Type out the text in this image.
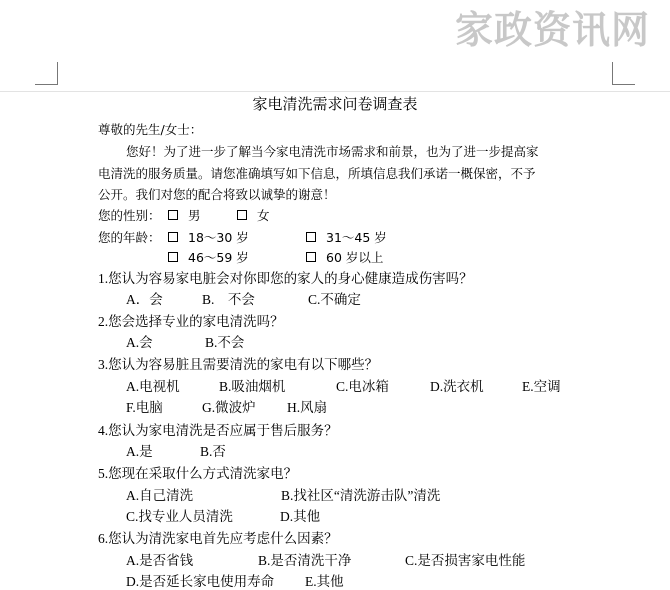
家电清洗需求问卷调查表
尊敬的先生/女士：
您好！为了进一步了解当今家电清洗市场需求和前景，也为了进一步提高家
电清洗的服务质量。请您准确填写如下信息，所填信息我们承诺一概保密，不予
公开。我们对您的配合将致以诚挚的谢意！
您的性别：	男	女
您的年龄：	18～30 岁	31～45 岁
46～59 岁	60 岁以上
1.您认为容易家电脏会对你即您的家人的身心健康造成伤害吗？
A．会	B.　不会	C.不确定
2.您会选择专业的家电清洗吗？
A.会	B.不会
3.您认为容易脏且需要清洗的家电有以下哪些？
A.电视机	B.吸油烟机	C.电冰箱	D.洗衣机	E.空调
F.电脑	G.微波炉 H.风扇
4.您认为家电清洗是否应属于售后服务？
A.是	B.否
5.您现在采取什么方式清洗家电？
A.自己清洗	B.找社区“清洗游击队”清洗
C.找专业人员清洗	D.其他
6.您认为清洗家电首先应考虑什么因素？
A.是否省钱	B.是否清洗干净	C.是否损害家电性能
D.是否延长家电使用寿命 E.其他
家政资讯网
